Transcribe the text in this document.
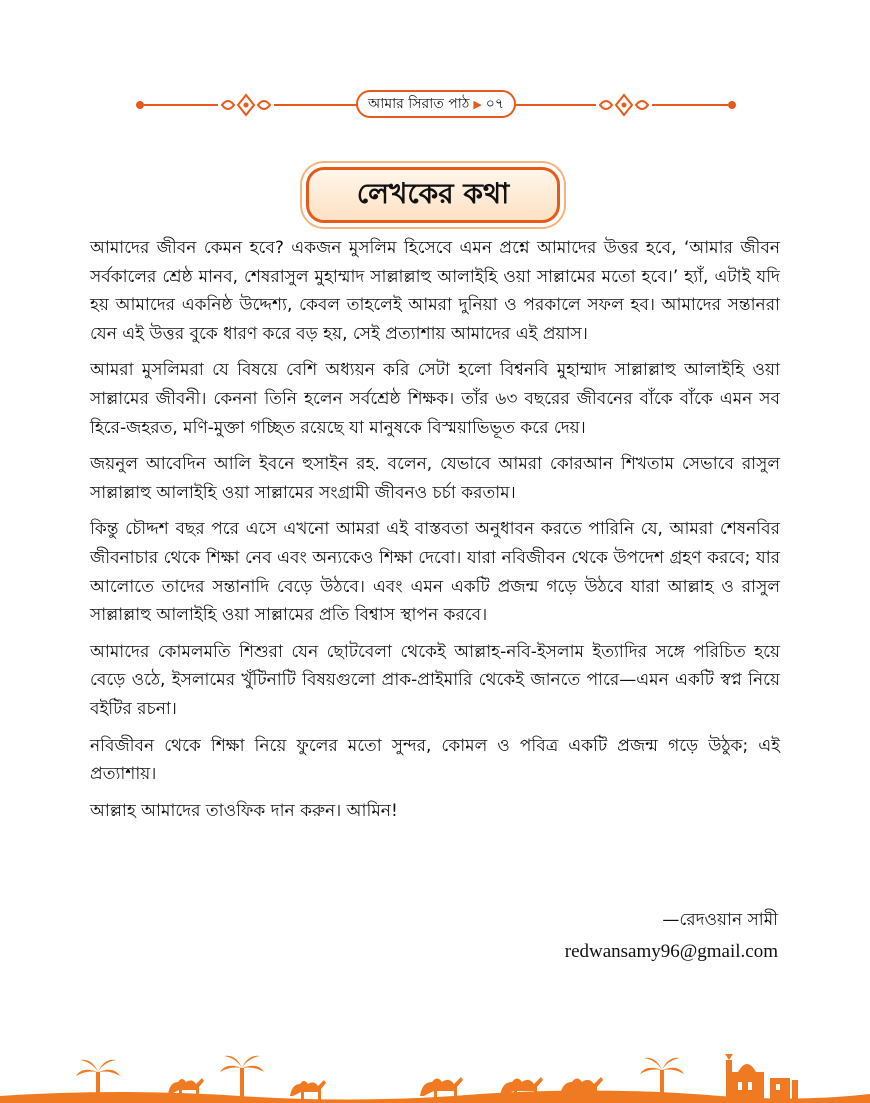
আমার সিরাত পাঠ ▶ ০৭
লেখকের কথা

আমাদের জীবন কেমন হবে? একজন মুসলিম হিসেবে এমন প্রশ্নে আমাদের উত্তর হবে, ‘আমার জীবন সর্বকালের শ্রেষ্ঠ মানব, শেষরাসুল মুহাম্মাদ সাল্লাল্লাহু আলাইহি ওয়া সাল্লামের মতো হবে।’ হ্যাঁ, এটাই যদি হয় আমাদের একনিষ্ঠ উদ্দেশ্য, কেবল তাহলেই আমরা দুনিয়া ও পরকালে সফল হব। আমাদের সন্তানরা যেন এই উত্তর বুকে ধারণ করে বড় হয়, সেই প্রত্যাশায় আমাদের এই প্রয়াস।

আমরা মুসলিমরা যে বিষয়ে বেশি অধ্যয়ন করি সেটা হলো বিশ্বনবি মুহাম্মাদ সাল্লাল্লাহু আলাইহি ওয়া সাল্লামের জীবনী। কেননা তিনি হলেন সর্বশ্রেষ্ঠ শিক্ষক। তাঁর ৬৩ বছরের জীবনের বাঁকে বাঁকে এমন সব হিরে-জহরত, মণি-মুক্তা গচ্ছিত রয়েছে যা মানুষকে বিস্ময়াভিভূত করে দেয়।

জয়নুল আবেদিন আলি ইবনে হুসাইন রহ. বলেন, যেভাবে আমরা কোরআন শিখতাম সেভাবে রাসুল সাল্লাল্লাহু আলাইহি ওয়া সাল্লামের সংগ্রামী জীবনও চর্চা করতাম।

কিন্তু চৌদ্দশ বছর পরে এসে এখনো আমরা এই বাস্তবতা অনুধাবন করতে পারিনি যে, আমরা শেষনবির জীবনাচার থেকে শিক্ষা নেব এবং অন্যকেও শিক্ষা দেবো। যারা নবিজীবন থেকে উপদেশ গ্রহণ করবে; যার আলোতে তাদের সন্তানাদি বেড়ে উঠবে। এবং এমন একটি প্রজন্ম গড়ে উঠবে যারা আল্লাহ ও রাসুল সাল্লাল্লাহু আলাইহি ওয়া সাল্লামের প্রতি বিশ্বাস স্থাপন করবে।

আমাদের কোমলমতি শিশুরা যেন ছোটবেলা থেকেই আল্লাহ-নবি-ইসলাম ইত্যাদির সঙ্গে পরিচিত হয়ে বেড়ে ওঠে, ইসলামের খুঁটিনাটি বিষয়গুলো প্রাক-প্রাইমারি থেকেই জানতে পারে—এমন একটি স্বপ্ন নিয়ে বইটির রচনা।

নবিজীবন থেকে শিক্ষা নিয়ে ফুলের মতো সুন্দর, কোমল ও পবিত্র একটি প্রজন্ম গড়ে উঠুক; এই প্রত্যাশায়।

আল্লাহ আমাদের তাওফিক দান করুন। আমিন!

—রেদওয়ান সামী
redwansamy96@gmail.com
